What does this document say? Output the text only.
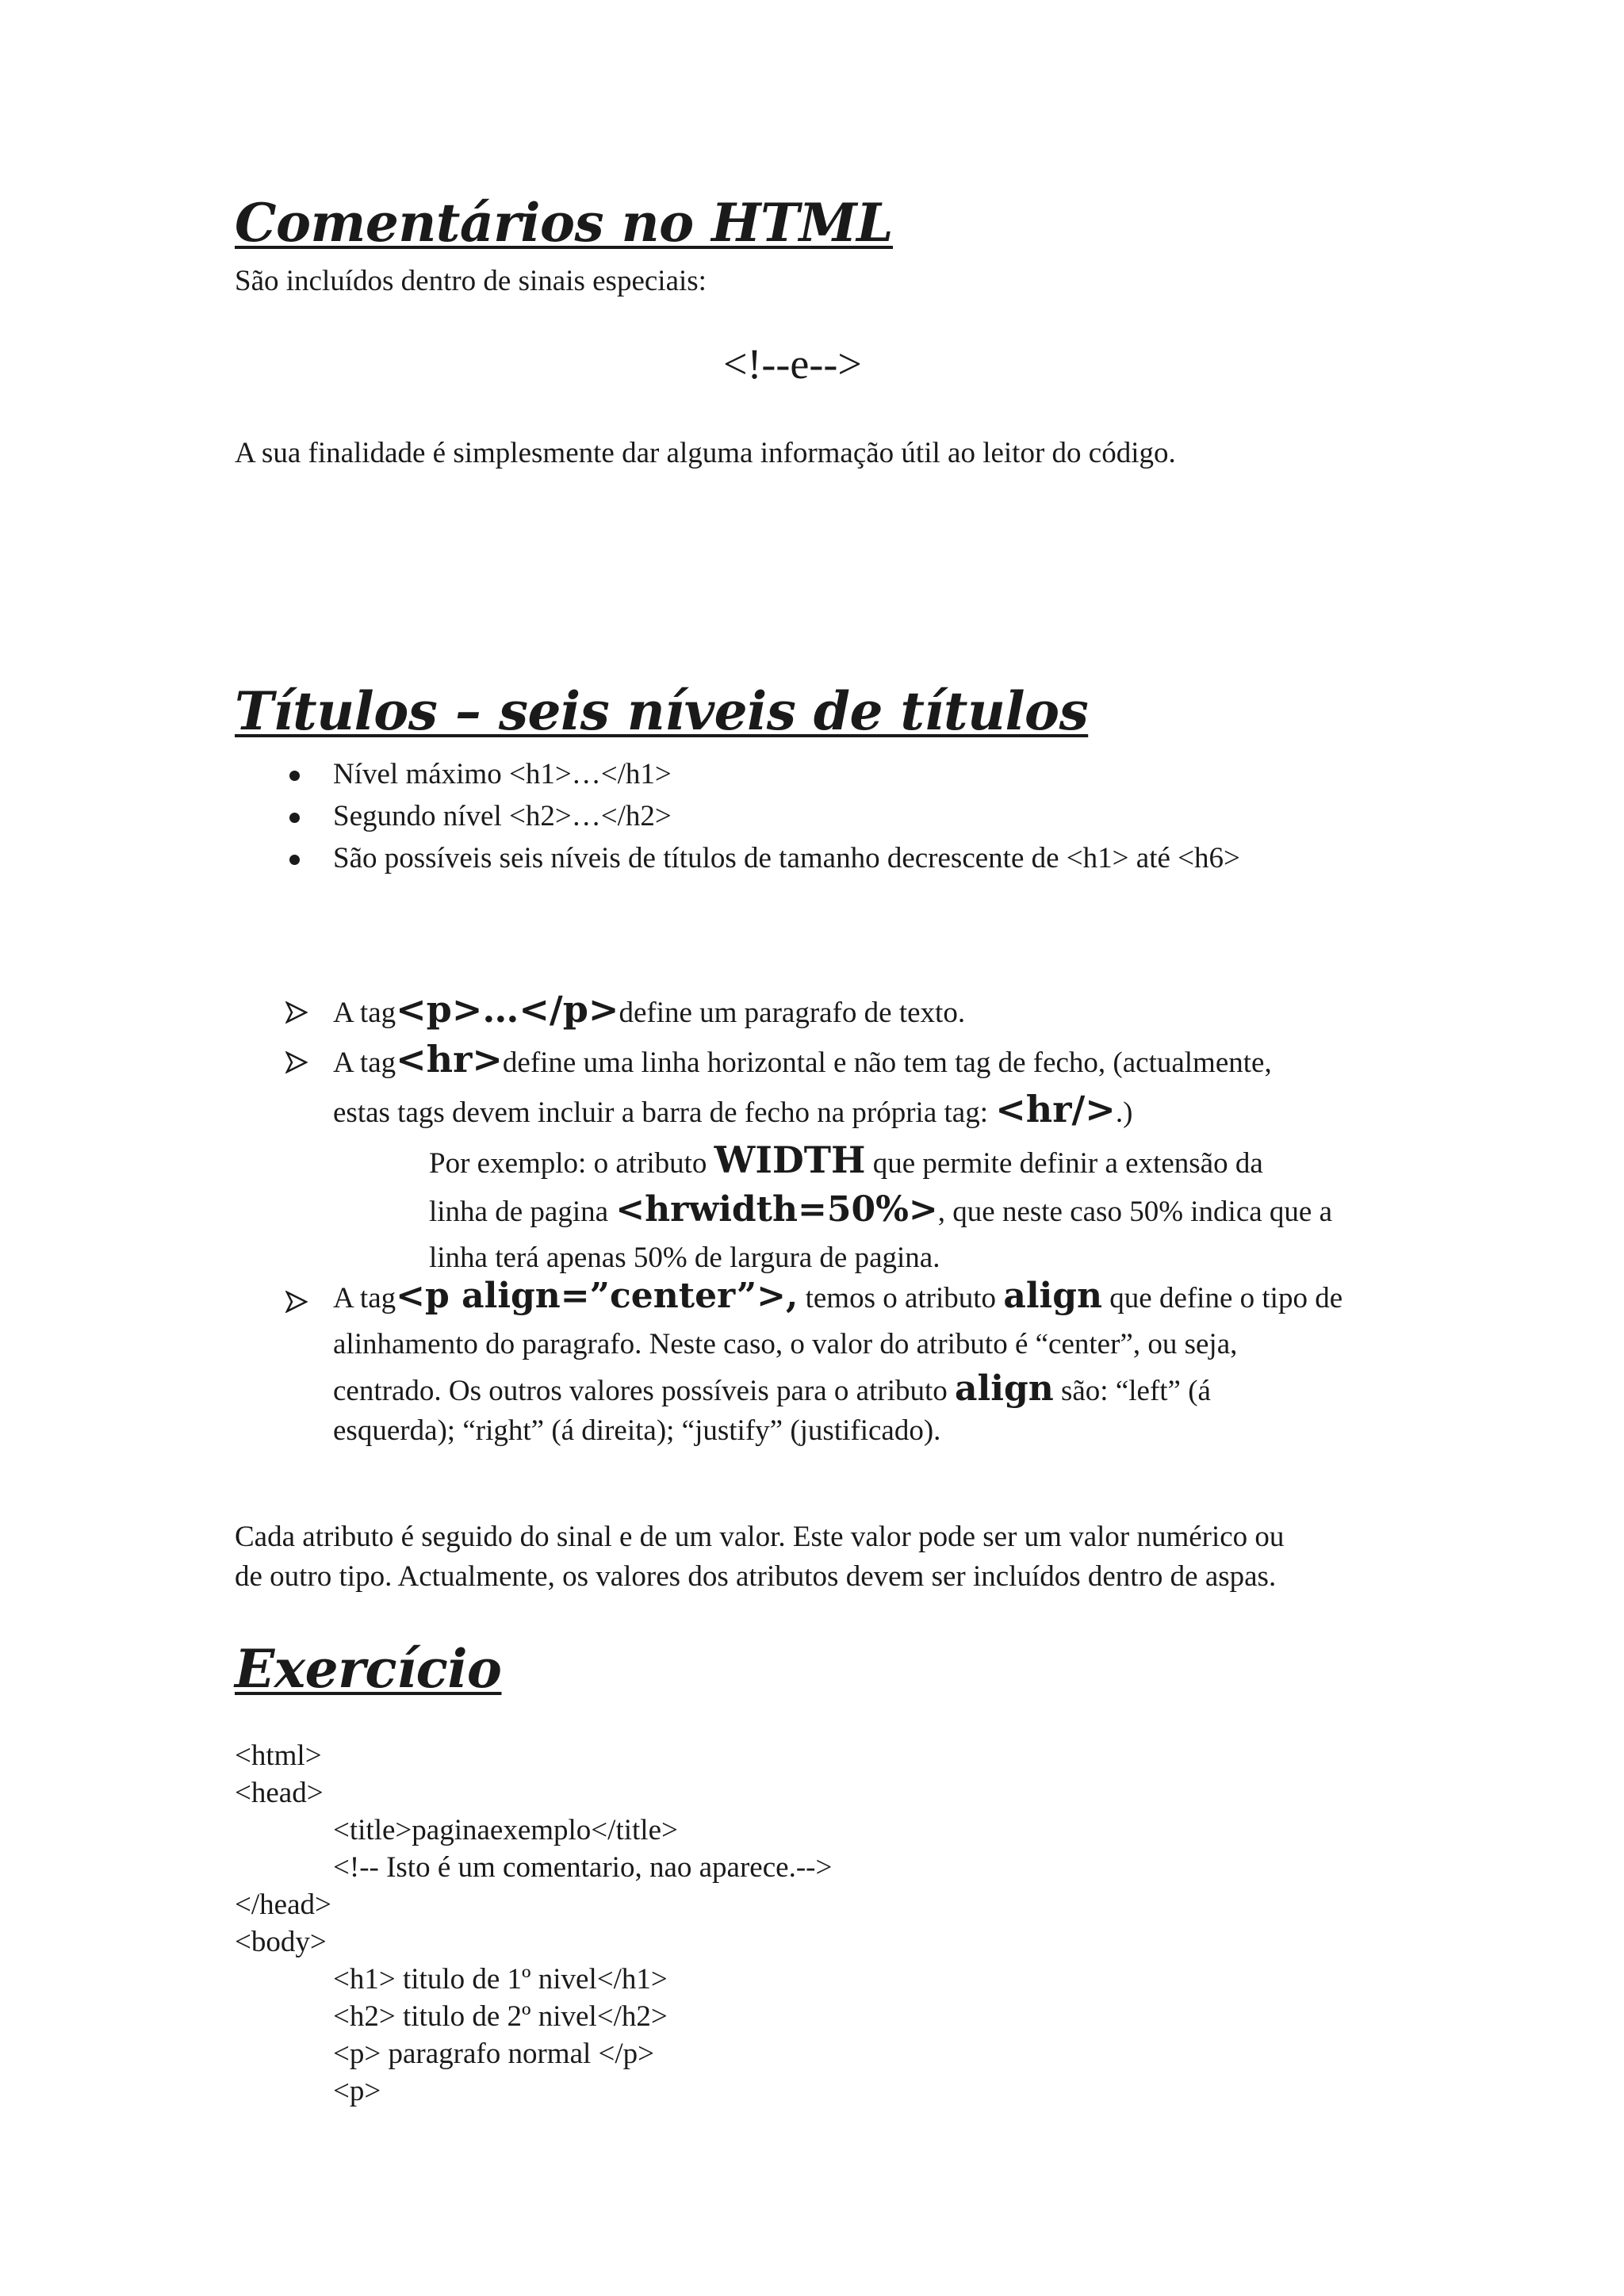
Comentários no HTML
São incluídos dentro de sinais especiais:
<!--e-->
A sua finalidade é simplesmente dar alguma informação útil ao leitor do código.
Títulos – seis níveis de títulos
Nível máximo <h1>…</h1>
Segundo nível <h2>…</h2>
São possíveis seis níveis de títulos de tamanho decrescente de <h1> até <h6>
A tag<p>…</p>define um paragrafo de texto.
A tag<hr>define uma linha horizontal e não tem tag de fecho, (actualmente,
estas tags devem incluir a barra de fecho na própria tag: <hr/>.)
Por exemplo: o atributo WIDTH que permite definir a extensão da
linha de pagina <hrwidth=50%>, que neste caso 50% indica que a
linha terá apenas 50% de largura de pagina.
A tag<p align=”center”>, temos o atributo align que define o tipo de
alinhamento do paragrafo. Neste caso, o valor do atributo é “center”, ou seja,
centrado. Os outros valores possíveis para o atributo align são: “left” (á
esquerda); “right” (á direita); “justify” (justificado).
Cada atributo é seguido do sinal e de um valor. Este valor pode ser um valor numérico ou
de outro tipo. Actualmente, os valores dos atributos devem ser incluídos dentro de aspas.
Exercício
<html>
<head>
<title>paginaexemplo</title>
<!-- Isto é um comentario, nao aparece.-->
</head>
<body>
<h1> titulo de 1º nivel</h1>
<h2> titulo de 2º nivel</h2>
<p> paragrafo normal </p>
<p>
